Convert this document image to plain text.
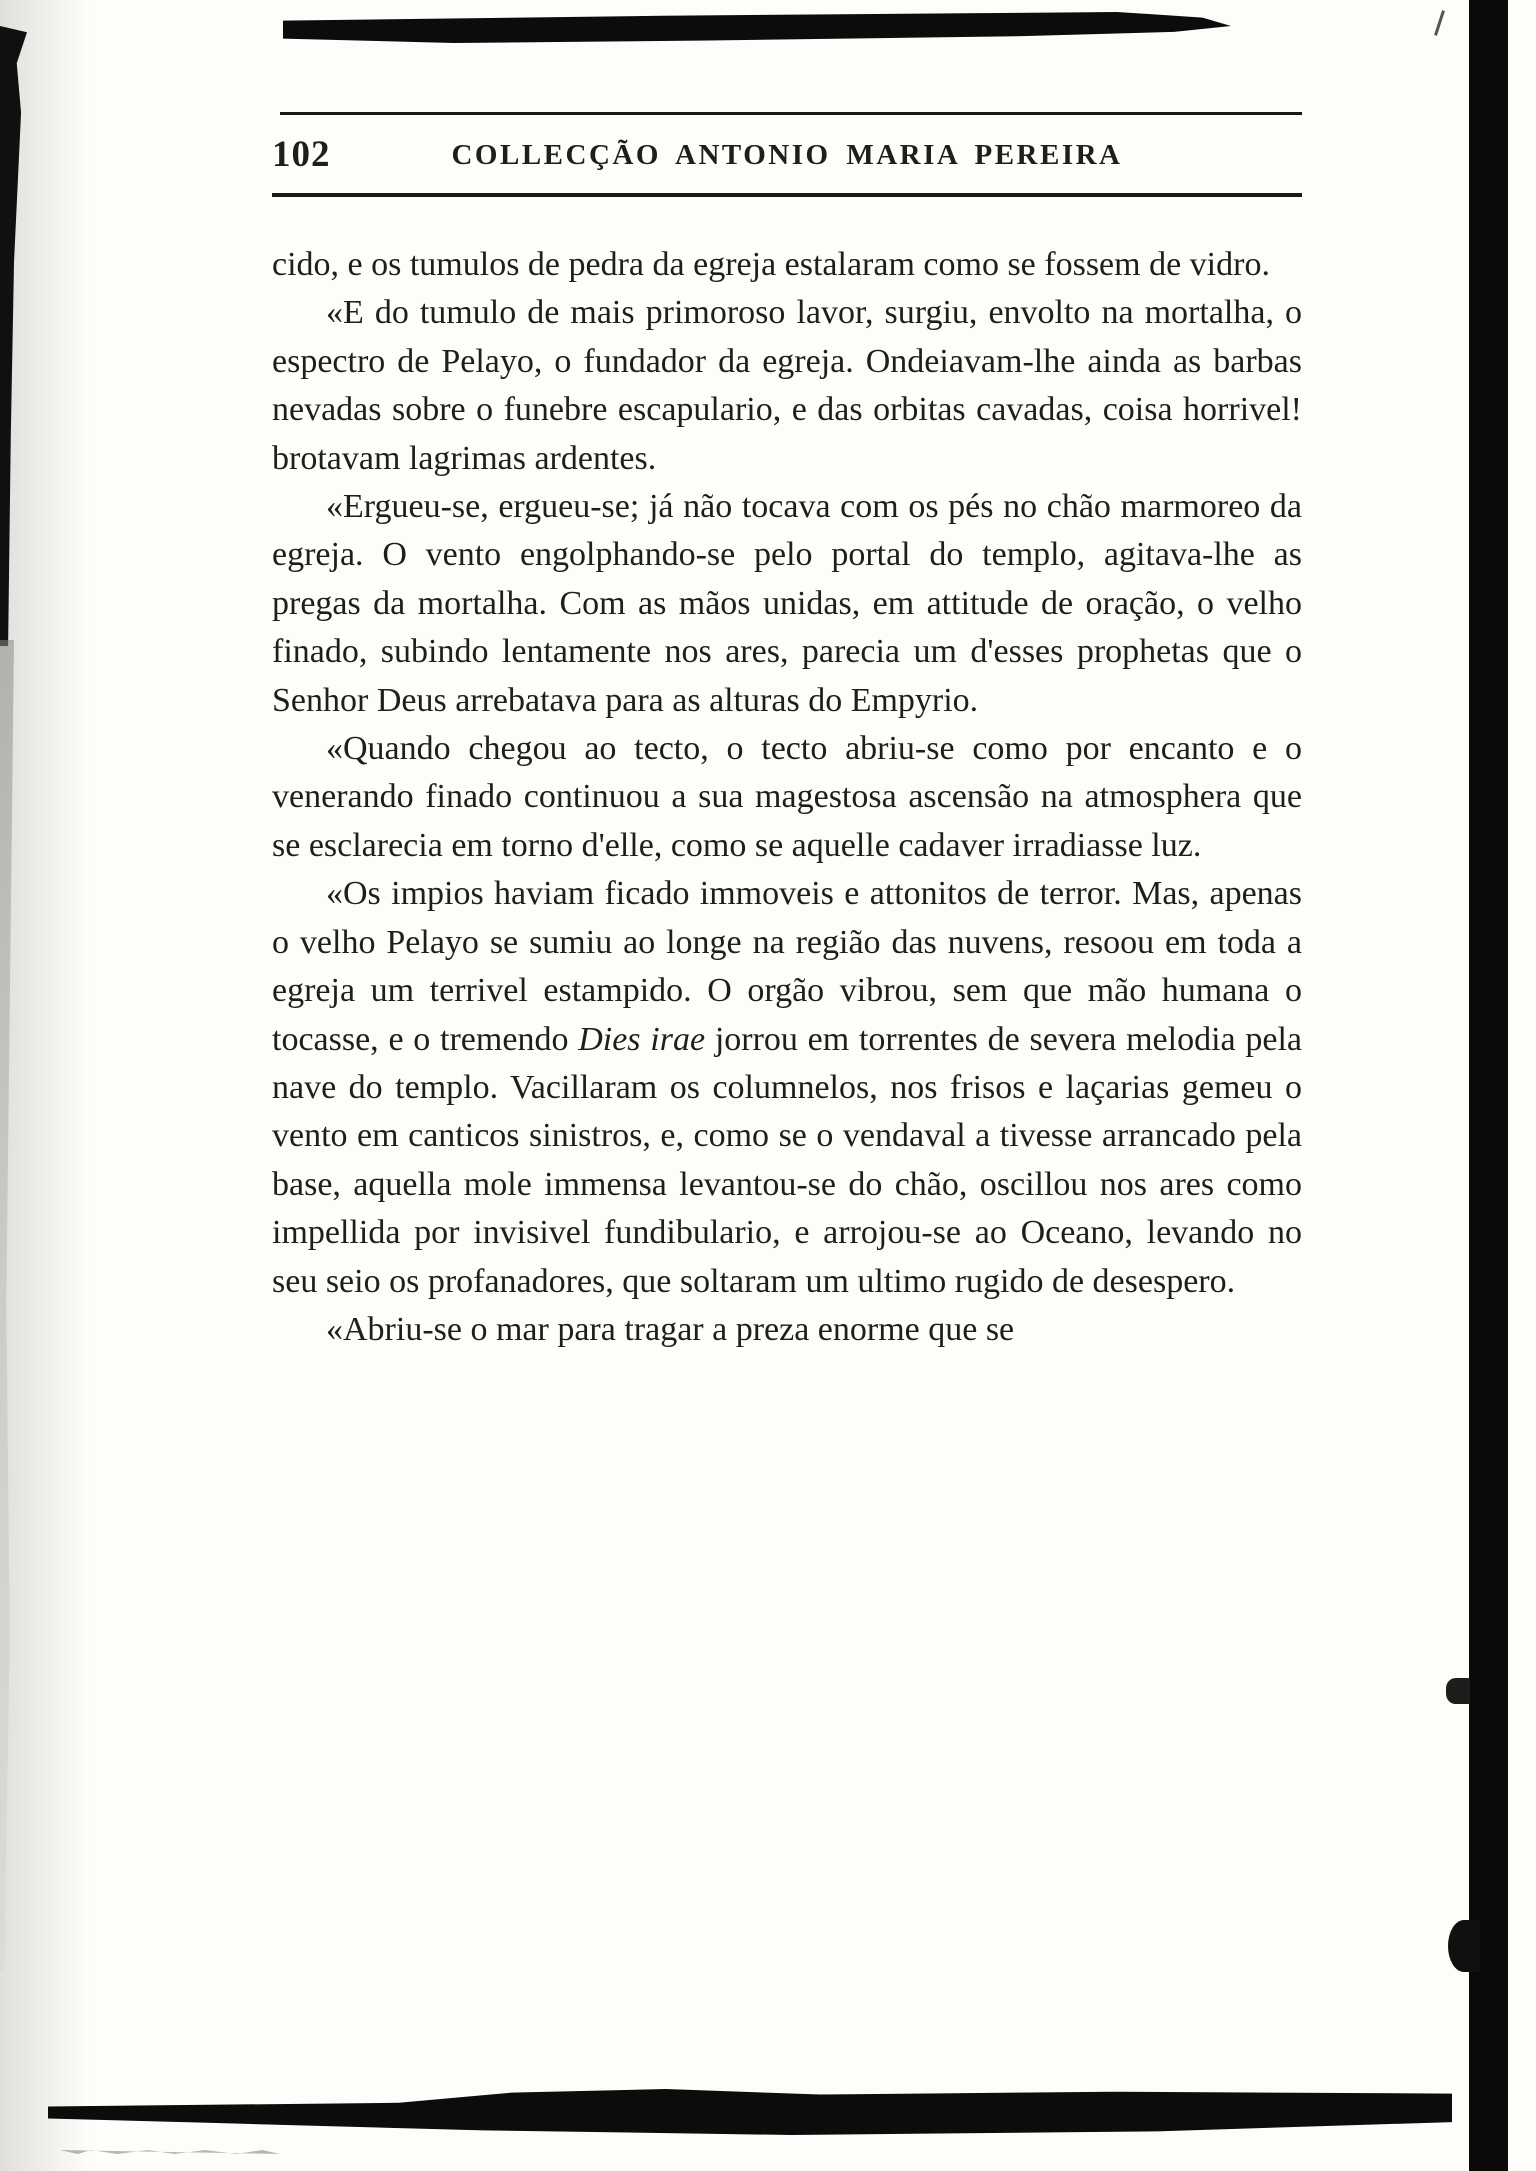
102	COLLECÇÃO ANTONIO MARIA PEREIRA

cido, e os tumulos de pedra da egreja estalaram como se fossem de vidro.

«E do tumulo de mais primoroso lavor, surgiu, envolto na mortalha, o espectro de Pelayo, o fundador da egreja. Ondeiavam-lhe ainda as barbas nevadas sobre o funebre escapulario, e das orbitas cavadas, coisa horrivel! brotavam lagrimas ardentes.

«Ergueu-se, ergueu-se; já não tocava com os pés no chão marmoreo da egreja. O vento engolphando-se pelo portal do templo, agitava-lhe as pregas da mortalha. Com as mãos unidas, em attitude de oração, o velho finado, subindo lentamente nos ares, parecia um d'esses prophetas que o Senhor Deus arrebatava para as alturas do Empyrio.

«Quando chegou ao tecto, o tecto abriu-se como por encanto e o venerando finado continuou a sua magestosa ascensão na atmosphera que se esclarecia em torno d'elle, como se aquelle cadaver irradiasse luz.

«Os impios haviam ficado immoveis e attonitos de terror. Mas, apenas o velho Pelayo se sumiu ao longe na região das nuvens, resoou em toda a egreja um terrivel estampido. O orgão vibrou, sem que mão humana o tocasse, e o tremendo Dies irae jorrou em torrentes de severa melodia pela nave do templo. Vacillaram os columnelos, nos frisos e laçarias gemeu o vento em canticos sinistros, e, como se o vendaval a tivesse arrancado pela base, aquella mole immensa levantou-se do chão, oscillou nos ares como impellida por invisivel fundibulario, e arrojou-se ao Oceano, levando no seu seio os profanadores, que soltaram um ultimo rugido de desespero.

«Abriu-se o mar para tragar a preza enorme que se
